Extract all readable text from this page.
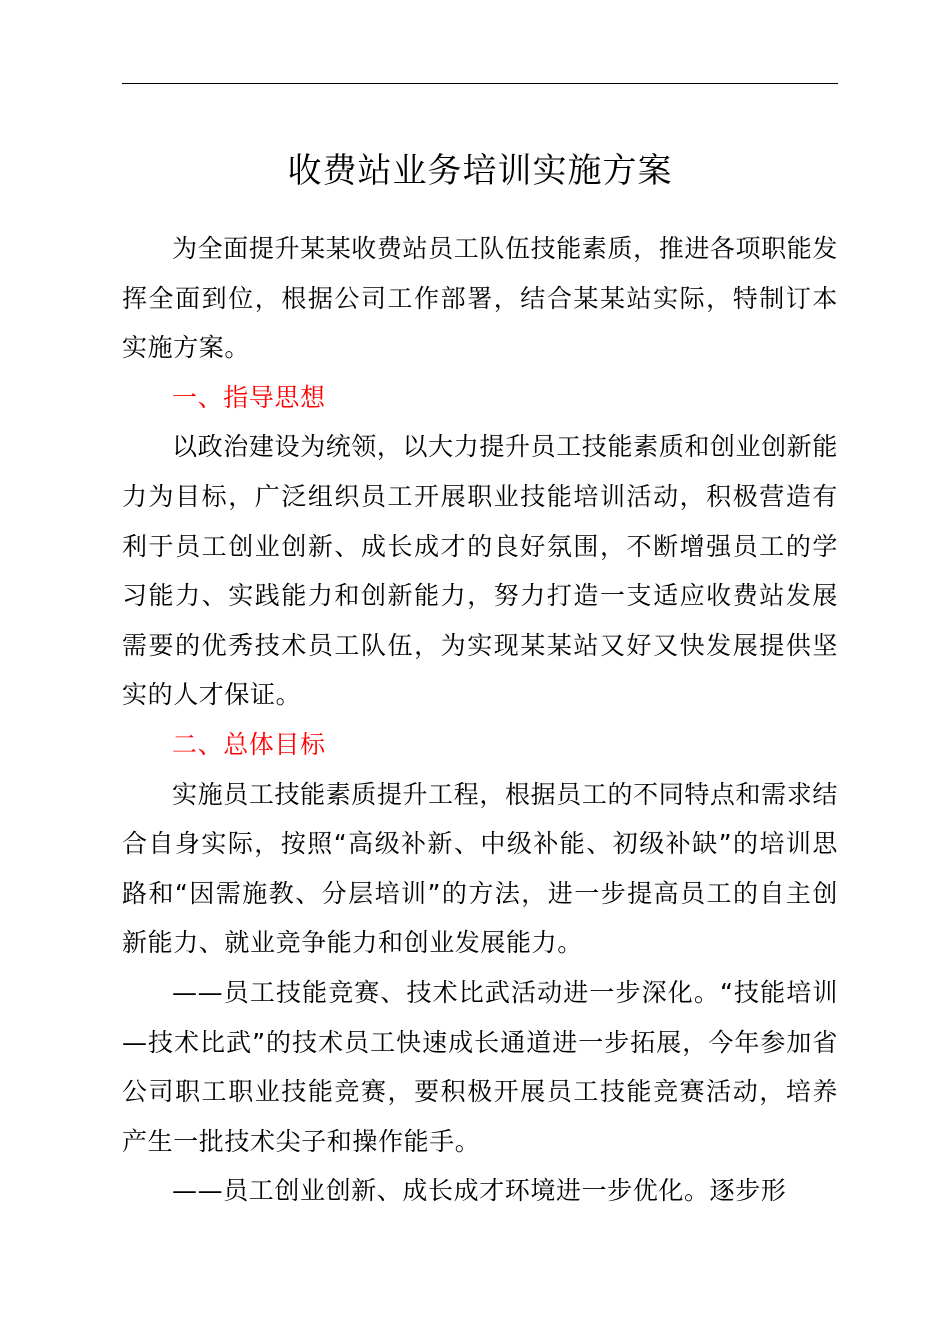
收费站业务培训实施方案

为全面提升某某收费站员工队伍技能素质，推进各项职能发挥全面到位，根据公司工作部署，结合某某站实际，特制订本实施方案。

一、指导思想

以政治建设为统领，以大力提升员工技能素质和创业创新能力为目标，广泛组织员工开展职业技能培训活动，积极营造有利于员工创业创新、成长成才的良好氛围，不断增强员工的学习能力、实践能力和创新能力，努力打造一支适应收费站发展需要的优秀技术员工队伍，为实现某某站又好又快发展提供坚实的人才保证。

二、总体目标

实施员工技能素质提升工程，根据员工的不同特点和需求结合自身实际，按照“高级补新、中级补能、初级补缺”的培训思路和“因需施教、分层培训”的方法，进一步提高员工的自主创新能力、就业竞争能力和创业发展能力。

——员工技能竞赛、技术比武活动进一步深化。“技能培训—技术比武”的技术员工快速成长通道进一步拓展，今年参加省公司职工职业技能竞赛，要积极开展员工技能竞赛活动，培养产生一批技术尖子和操作能手。

——员工创业创新、成长成才环境进一步优化。逐步形
